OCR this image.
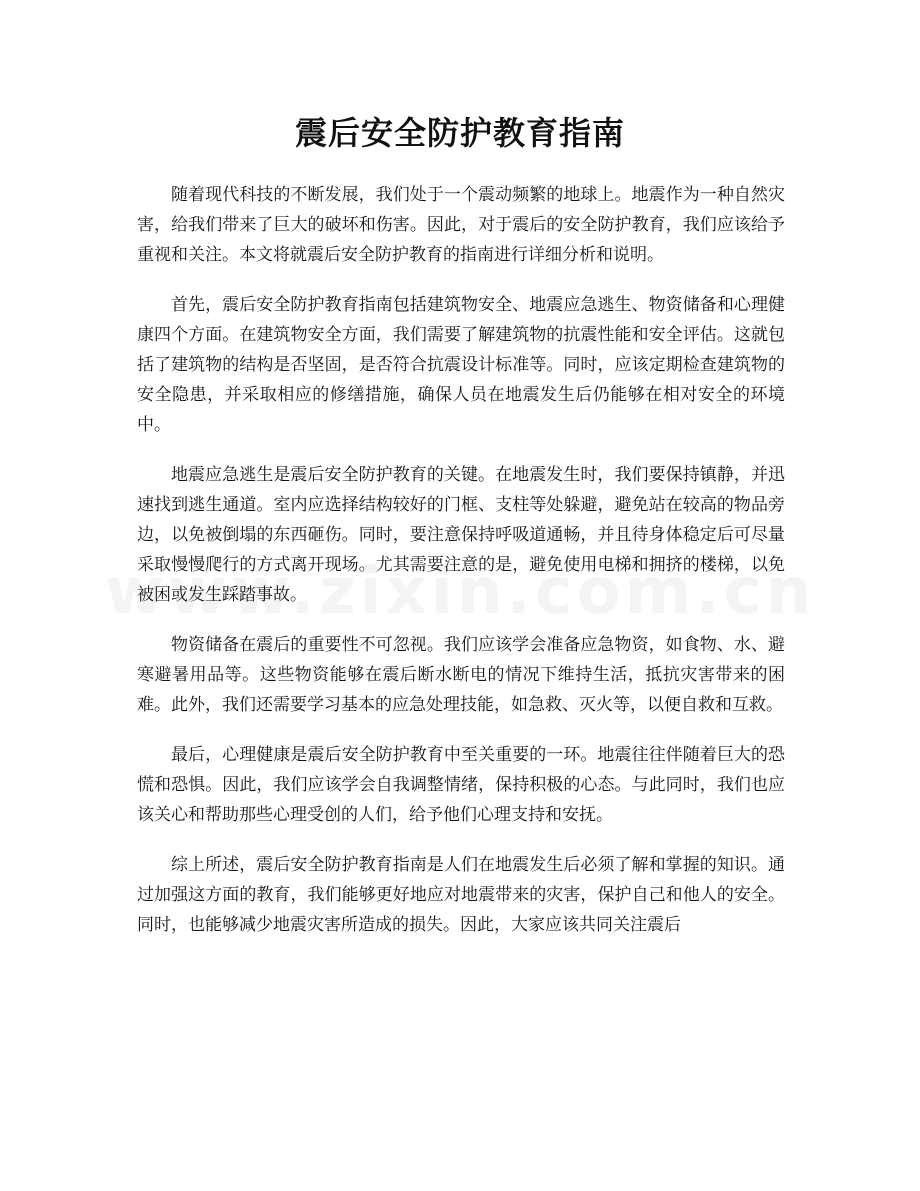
震后安全防护教育指南

随着现代科技的不断发展，我们处于一个震动频繁的地球上。地震作为一种自然灾害，给我们带来了巨大的破坏和伤害。因此，对于震后的安全防护教育，我们应该给予重视和关注。本文将就震后安全防护教育的指南进行详细分析和说明。

首先，震后安全防护教育指南包括建筑物安全、地震应急逃生、物资储备和心理健康四个方面。在建筑物安全方面，我们需要了解建筑物的抗震性能和安全评估。这就包括了建筑物的结构是否坚固，是否符合抗震设计标准等。同时，应该定期检查建筑物的安全隐患，并采取相应的修缮措施，确保人员在地震发生后仍能够在相对安全的环境中。

地震应急逃生是震后安全防护教育的关键。在地震发生时，我们要保持镇静，并迅速找到逃生通道。室内应选择结构较好的门框、支柱等处躲避，避免站在较高的物品旁边，以免被倒塌的东西砸伤。同时，要注意保持呼吸道通畅，并且待身体稳定后可尽量采取慢慢爬行的方式离开现场。尤其需要注意的是，避免使用电梯和拥挤的楼梯，以免被困或发生踩踏事故。

物资储备在震后的重要性不可忽视。我们应该学会准备应急物资，如食物、水、避寒避暑用品等。这些物资能够在震后断水断电的情况下维持生活，抵抗灾害带来的困难。此外，我们还需要学习基本的应急处理技能，如急救、灭火等，以便自救和互救。

最后，心理健康是震后安全防护教育中至关重要的一环。地震往往伴随着巨大的恐慌和恐惧。因此，我们应该学会自我调整情绪，保持积极的心态。与此同时，我们也应该关心和帮助那些心理受创的人们，给予他们心理支持和安抚。

综上所述，震后安全防护教育指南是人们在地震发生后必须了解和掌握的知识。通过加强这方面的教育，我们能够更好地应对地震带来的灾害，保护自己和他人的安全。同时，也能够减少地震灾害所造成的损失。因此，大家应该共同关注震后
